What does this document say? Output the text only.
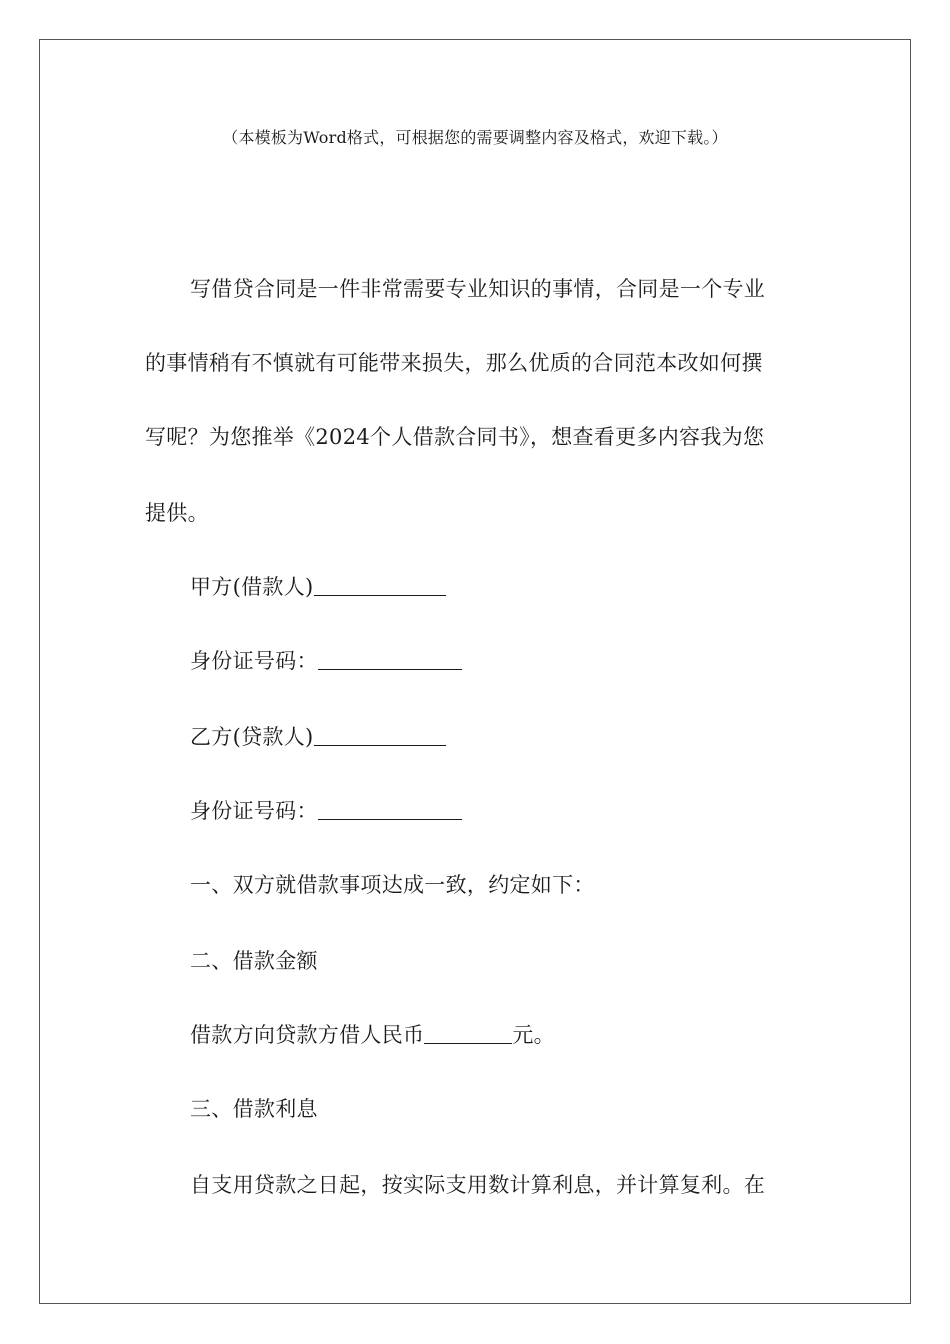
（本模板为Word格式，可根据您的需要调整内容及格式，欢迎下载。）
写借贷合同是一件非常需要专业知识的事情，合同是一个专业
的事情稍有不慎就有可能带来损失，那么优质的合同范本改如何撰
写呢？为您推举《2024个人借款合同书》，想查看更多内容我为您
提供。
甲方(借款人)
身份证号码：
乙方(贷款人)
身份证号码：
一、双方就借款事项达成一致，约定如下：
二、借款金额
借款方向贷款方借人民币	元。
三、借款利息
自支用贷款之日起，按实际支用数计算利息，并计算复利。在
